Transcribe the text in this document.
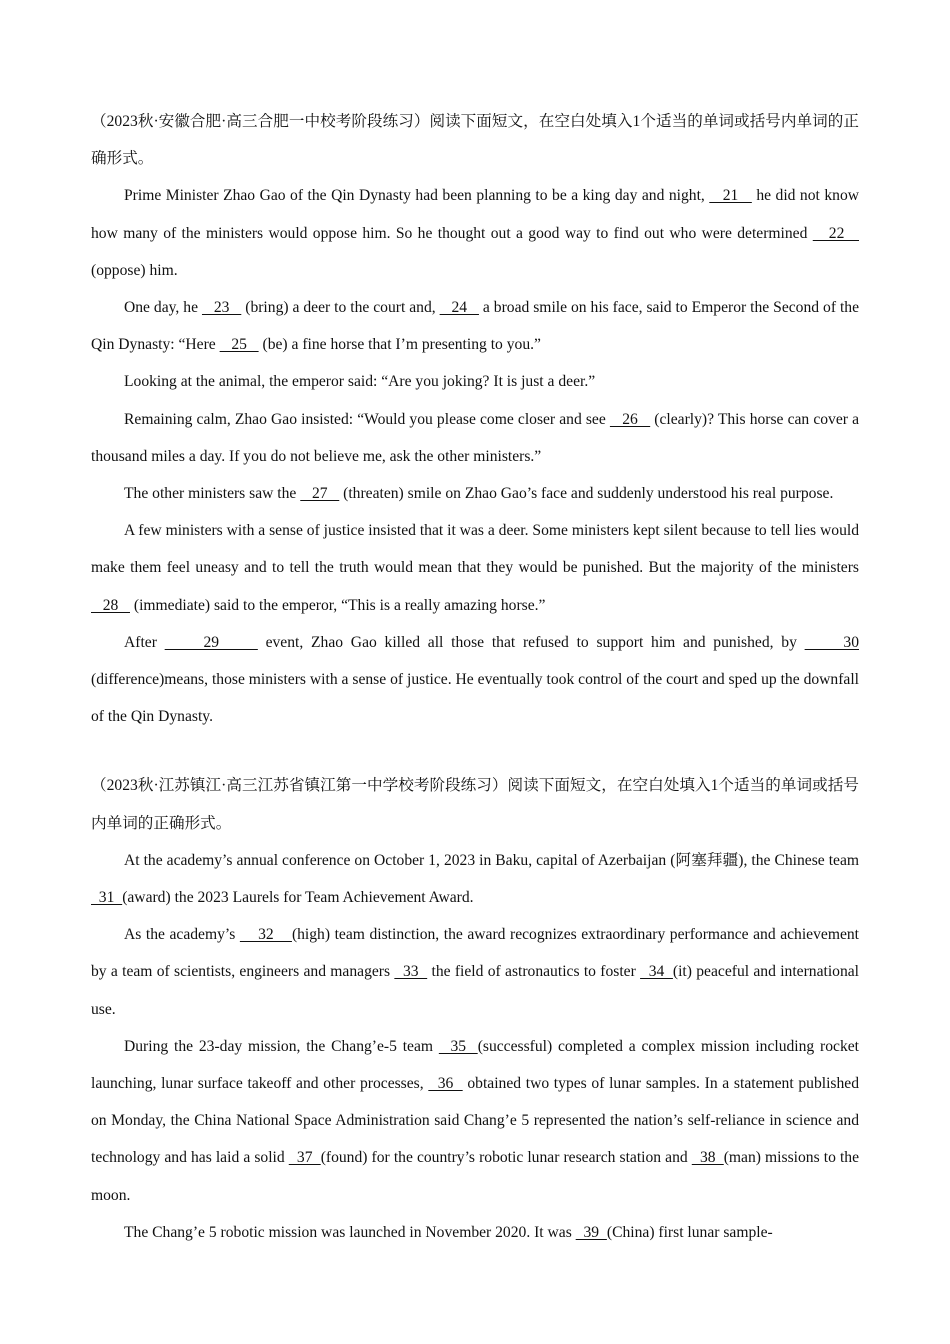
（2023秋·安徽合肥·高三合肥一中校考阶段练习）阅读下面短文，在空白处填入1个适当的单词或括号内单词的正确形式。

Prime Minister Zhao Gao of the Qin Dynasty had been planning to be a king day and night,    21    he did not know how many of the ministers would oppose him. So he thought out a good way to find out who were determined    22    (oppose) him.

One day, he    23    (bring) a deer to the court and,    24    a broad smile on his face, said to Emperor the Second of the Qin Dynasty: “Here    25    (be) a fine horse that I’m presenting to you.”

Looking at the animal, the emperor said: “Are you joking? It is just a deer.”

Remaining calm, Zhao Gao insisted: “Would you please come closer and see    26    (clearly)? This horse can cover a thousand miles a day. If you do not believe me, ask the other ministers.”

The other ministers saw the    27    (threaten) smile on Zhao Gao’s face and suddenly understood his real purpose.

A few ministers with a sense of justice insisted that it was a deer. Some ministers kept silent because to tell lies would make them feel uneasy and to tell the truth would mean that they would be punished. But the majority of the ministers    28    (immediate) said to the emperor, “This is a really amazing horse.”

After      29      event, Zhao Gao killed all those that refused to support him and punished, by      30 (difference)means, those ministers with a sense of justice. He eventually took control of the court and sped up the downfall of the Qin Dynasty.

（2023秋·江苏镇江·高三江苏省镇江第一中学校考阶段练习）阅读下面短文，在空白处填入1个适当的单词或括号内单词的正确形式。

At the academy’s annual conference on October 1, 2023 in Baku, capital of Azerbaijan (阿塞拜疆), the Chinese team   31  (award) the 2023 Laurels for Team Achievement Award.

As the academy’s     32    (high) team distinction, the award recognizes extraordinary performance and achievement by a team of scientists, engineers and managers   33   the field of astronautics to foster   34  (it) peaceful and international use.

During the 23-day mission, the Chang’e-5 team   35  (successful) completed a complex mission including rocket launching, lunar surface takeoff and other processes,   36   obtained two types of lunar samples. In a statement published on Monday, the China National Space Administration said Chang’e 5 represented the nation’s self-reliance in science and technology and has laid a solid   37  (found) for the country’s robotic lunar research station and   38  (man) missions to the moon.

The Chang’e 5 robotic mission was launched in November 2020. It was   39  (China) first lunar sample-
